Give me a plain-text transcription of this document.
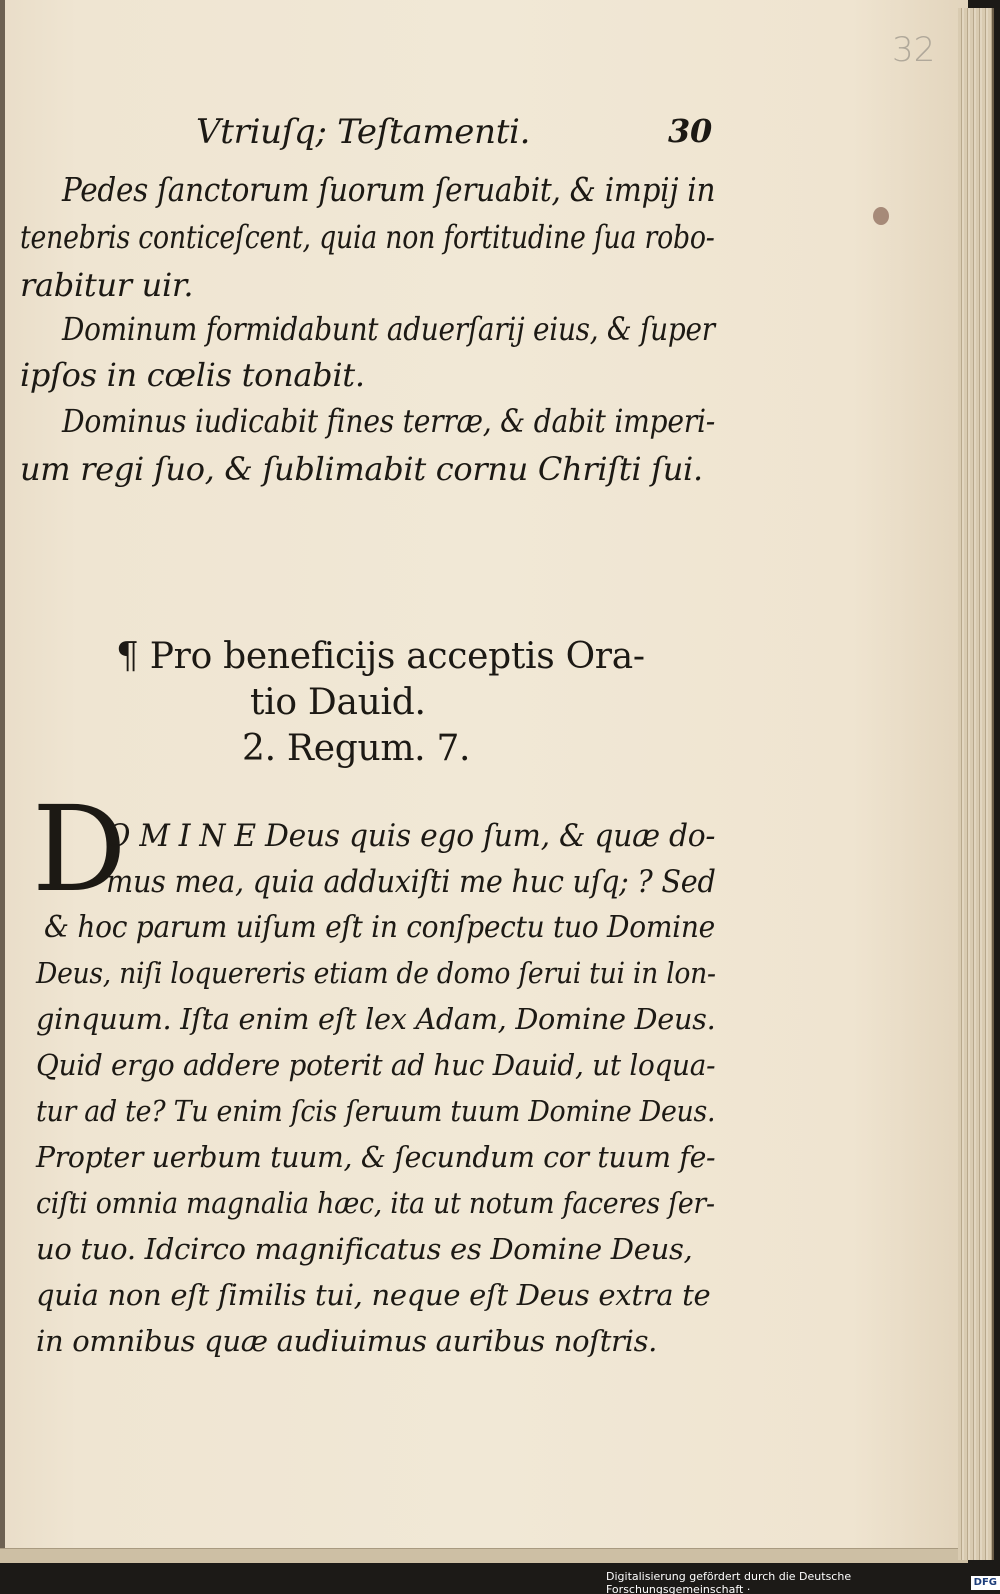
32
Vtriuſq; Teſtamenti.	30
Pedes ſanctorum ſuorum ſeruabit, & impij in
tenebris conticeſcent, quia non fortitudine ſua robo-
rabitur uir.
Dominum formidabunt aduerſarij eius, & ſuper
ipſos in cœlis tonabit.
Dominus iudicabit fines terræ, & dabit imperi-
um regi ſuo, & ſublimabit cornu Chriſti ſui.
¶ Pro beneficijs acceptis Ora-
tio Dauid.
2. Regum. 7.
D
O M I N E Deus quis ego ſum, & quæ do-
mus mea, quia adduxiſti me huc uſq; ? Sed
& hoc parum uiſum eſt in conſpectu tuo Domine
Deus, niſi loquereris etiam de domo ſerui tui in lon-
ginquum. Iſta enim eſt lex Adam, Domine Deus.
Quid ergo addere poterit ad huc Dauid, ut loqua-
tur ad te? Tu enim ſcis ſeruum tuum Domine Deus.
Propter uerbum tuum, & ſecundum cor tuum fe-
ciſti omnia magnalia hæc, ita ut notum faceres ſer-
uo tuo. Idcirco magnificatus es Domine Deus,
quia non eſt ſimilis tui, neque eſt Deus extra te
in omnibus quæ audiuimus auribus noſtris.
Digitalisierung gefördert durch die Deutsche Forschungsgemeinschaft ·
DFG
